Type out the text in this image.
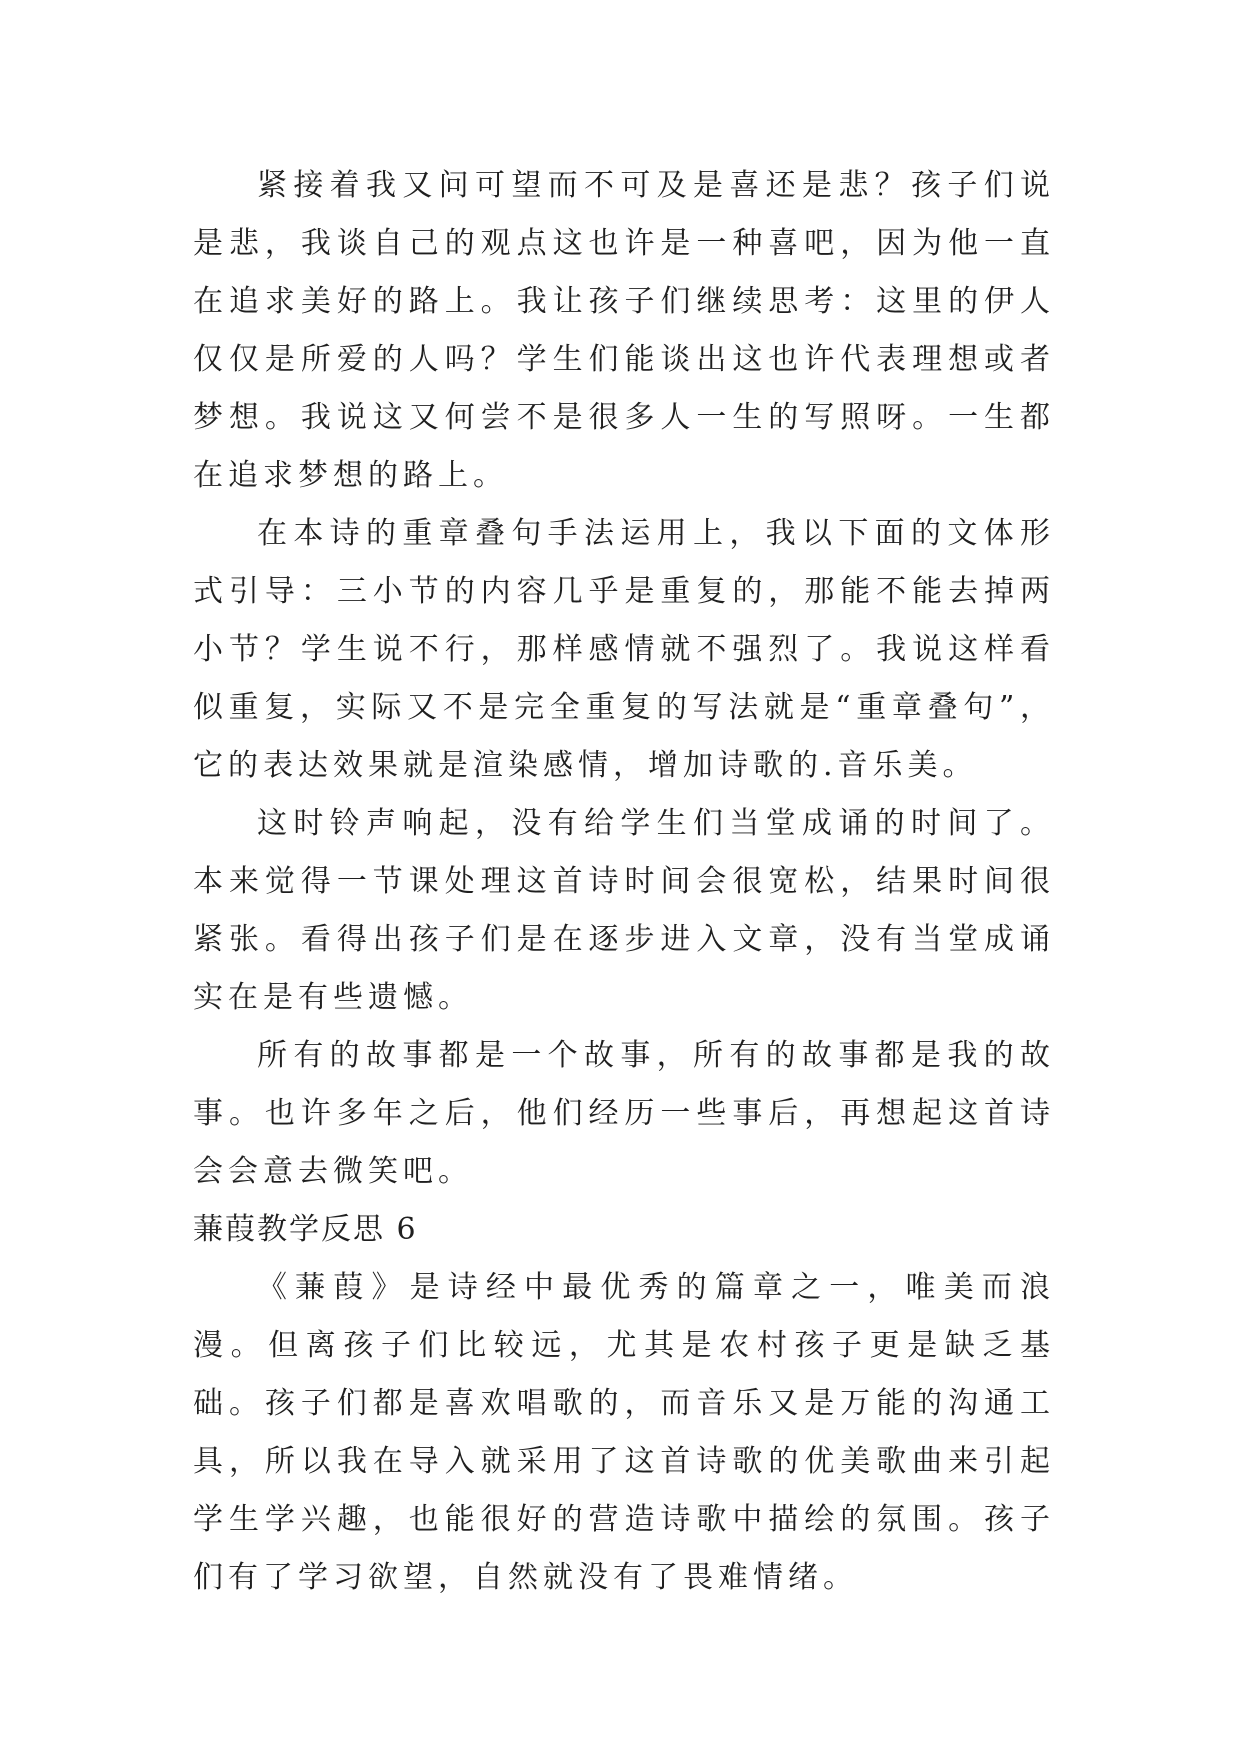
紧接着我又问可望而不可及是喜还是悲？孩子们说是悲，我谈自己的观点这也许是一种喜吧，因为他一直在追求美好的路上。我让孩子们继续思考：这里的伊人仅仅是所爱的人吗？学生们能谈出这也许代表理想或者梦想。我说这又何尝不是很多人一生的写照呀。一生都在追求梦想的路上。

在本诗的重章叠句手法运用上，我以下面的文体形式引导：三小节的内容几乎是重复的，那能不能去掉两小节？学生说不行，那样感情就不强烈了。我说这样看似重复，实际又不是完全重复的写法就是“重章叠句”，它的表达效果就是渲染感情，增加诗歌的.音乐美。

这时铃声响起，没有给学生们当堂成诵的时间了。本来觉得一节课处理这首诗时间会很宽松，结果时间很紧张。看得出孩子们是在逐步进入文章，没有当堂成诵实在是有些遗憾。

所有的故事都是一个故事，所有的故事都是我的故事。也许多年之后，他们经历一些事后，再想起这首诗会会意去微笑吧。

蒹葭教学反思 6

《蒹葭》是诗经中最优秀的篇章之一，唯美而浪漫。但离孩子们比较远，尤其是农村孩子更是缺乏基础。孩子们都是喜欢唱歌的，而音乐又是万能的沟通工具，所以我在导入就采用了这首诗歌的优美歌曲来引起学生学兴趣，也能很好的营造诗歌中描绘的氛围。孩子们有了学习欲望，自然就没有了畏难情绪。
